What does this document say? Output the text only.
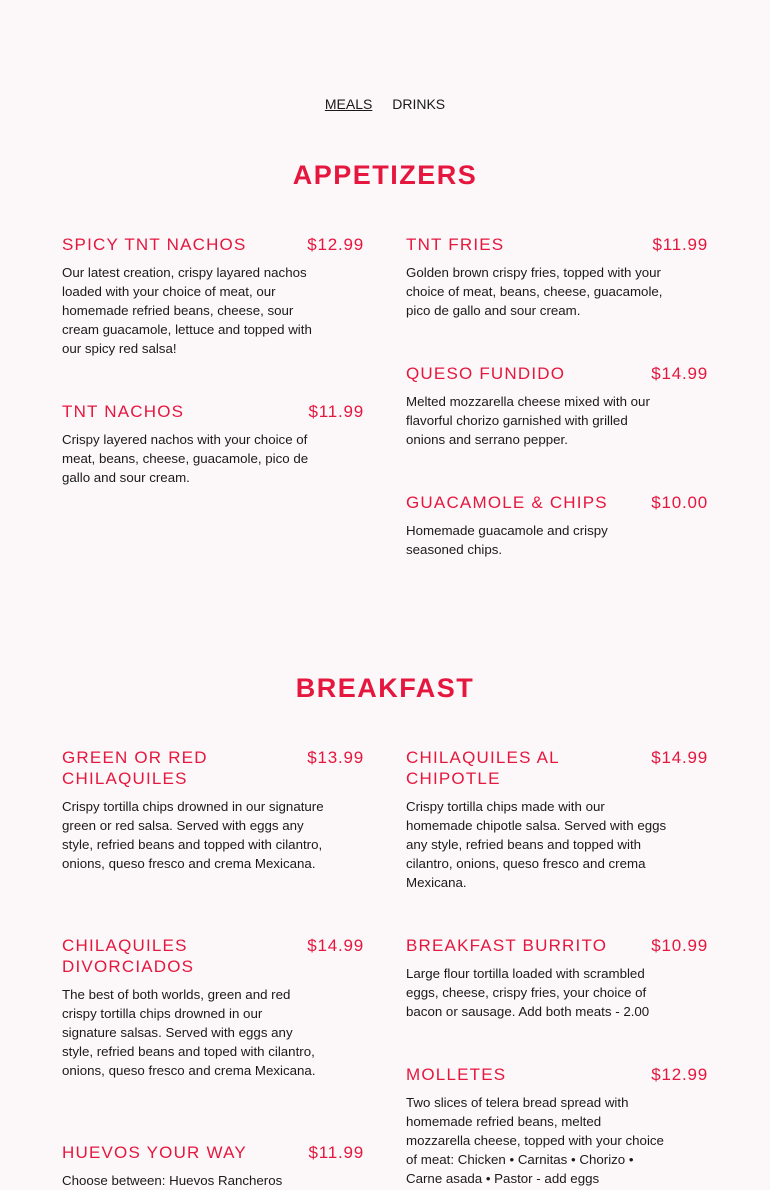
MEALS DRINKS
APPETIZERS
SPICY TNT NACHOS	$12.99

Our latest creation, crispy layared nachos loaded with your choice of meat, our homemade refried beans, cheese, sour cream guacamole, lettuce and topped with our spicy red salsa!

TNT FRIES	$11.99

Golden brown crispy fries, topped with your choice of meat, beans, cheese, guacamole, pico de gallo and sour cream.

TNT NACHOS	$11.99

Crispy layered nachos with your choice of meat, beans, cheese, guacamole, pico de gallo and sour cream.

QUESO FUNDIDO	$14.99

Melted mozzarella cheese mixed with our flavorful chorizo garnished with grilled onions and serrano pepper.

GUACAMOLE & CHIPS	$10.00

Homemade guacamole and crispy seasoned chips.

BREAKFAST
GREEN OR RED CHILAQUILES
$13.99

Crispy tortilla chips drowned in our signature green or red salsa. Served with eggs any style, refried beans and topped with cilantro, onions, queso fresco and crema Mexicana.

CHILAQUILES AL CHIPOTLE
$14.99

Crispy tortilla chips made with our homemade chipotle salsa. Served with eggs any style, refried beans and topped with cilantro, onions, queso fresco and crema Mexicana.

CHILAQUILES DIVORCIADOS
$14.99

The best of both worlds, green and red crispy tortilla chips drowned in our signature salsas. Served with eggs any style, refried beans and toped with cilantro, onions, queso fresco and crema Mexicana.

BREAKFAST BURRITO	$10.99

Large flour tortilla loaded with scrambled eggs, cheese, crispy fries, your choice of bacon or sausage. Add both meats - 2.00

MOLLETES	$12.99

Two slices of telera bread spread with homemade refried beans, melted mozzarella cheese, topped with your choice of meat: Chicken • Carnitas • Chorizo • Carne asada • Pastor - add eggs

HUEVOS YOUR WAY	$11.99

Choose between: Huevos Rancheros
